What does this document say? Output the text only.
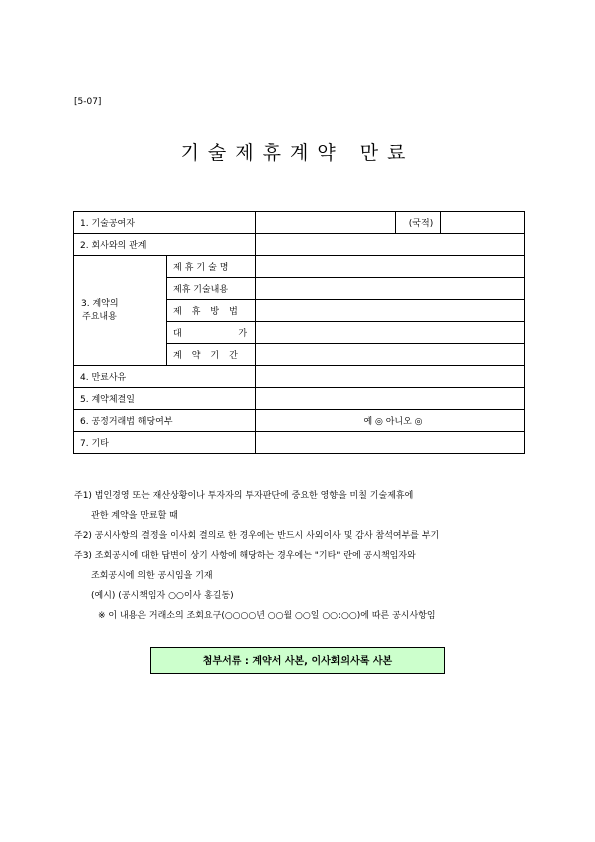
[5-07]
기술제휴계약 만료
1. 기술공여자			(국적)	
2. 회사와의 관계				

3. 계약의
주요내용	제휴기술명			
	제휴 기술내용			
	제휴방법			

	대 가			

	계약기간			
4. 만료사유				
5. 계약체결일				
6. 공정거래법 해당여부		예 ◎ 아니오 ◎		
7. 기타				
주1) 법인경영 또는 재산상황이나 투자자의 투자판단에 중요한 영향을 미칠 기술제휴에
관한 계약을 만료할 때
주2) 공시사항의 결정을 이사회 결의로 한 경우에는 반드시 사외이사 및 감사 참석여부를 부기
주3) 조회공시에 대한 답변이 상기 사항에 해당하는 경우에는 "기타" 란에 공시책임자와
조회공시에 의한 공시임을 기재
(예시) (공시책임자 ○○이사 홍길동)
※ 이 내용은 거래소의 조회요구(○○○○년 ○○월 ○○일 ○○:○○)에 따른 공시사항임
첨부서류 : 계약서 사본, 이사회의사록 사본
